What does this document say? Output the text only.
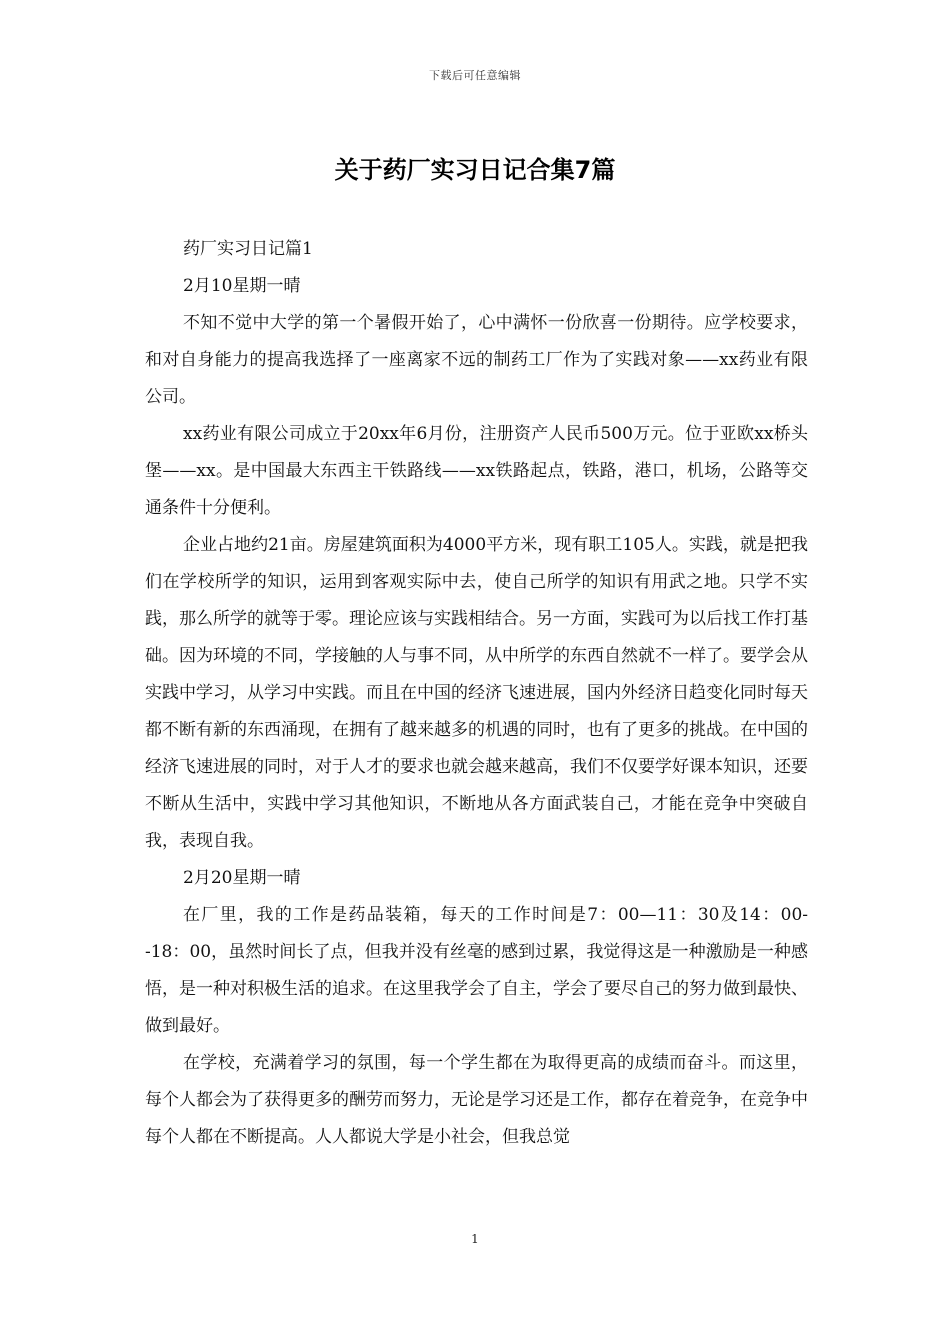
下载后可任意编辑
关于药厂实习日记合集7篇

药厂实习日记篇1

2月10星期一晴

不知不觉中大学的第一个暑假开始了，心中满怀一份欣喜一份期待。应学校要求，和对自身能力的提高我选择了一座离家不远的制药工厂作为了实践对象——xx药业有限公司。

xx药业有限公司成立于20xx年6月份，注册资产人民币500万元。位于亚欧xx桥头堡——xx。是中国最大东西主干铁路线——xx铁路起点，铁路，港口，机场，公路等交通条件十分便利。

企业占地约21亩。房屋建筑面积为4000平方米，现有职工105人。实践，就是把我们在学校所学的知识，运用到客观实际中去，使自己所学的知识有用武之地。只学不实践，那么所学的就等于零。理论应该与实践相结合。另一方面，实践可为以后找工作打基础。因为环境的不同，学接触的人与事不同，从中所学的东西自然就不一样了。要学会从实践中学习，从学习中实践。而且在中国的经济飞速进展，国内外经济日趋变化同时每天都不断有新的东西涌现，在拥有了越来越多的机遇的同时，也有了更多的挑战。在中国的经济飞速进展的同时，对于人才的要求也就会越来越高，我们不仅要学好课本知识，还要不断从生活中，实践中学习其他知识，不断地从各方面武装自己，才能在竞争中突破自我，表现自我。

2月20星期一晴

在厂里，我的工作是药品装箱，每天的工作时间是7：00—11：30及14：00--18：00，虽然时间长了点，但我并没有丝毫的感到过累，我觉得这是一种激励是一种感悟，是一种对积极生活的追求。在这里我学会了自主，学会了要尽自己的努力做到最快、做到最好。

在学校，充满着学习的氛围，每一个学生都在为取得更高的成绩而奋斗。而这里，每个人都会为了获得更多的酬劳而努力，无论是学习还是工作，都存在着竞争，在竞争中每个人都在不断提高。人人都说大学是小社会，但我总觉

1
